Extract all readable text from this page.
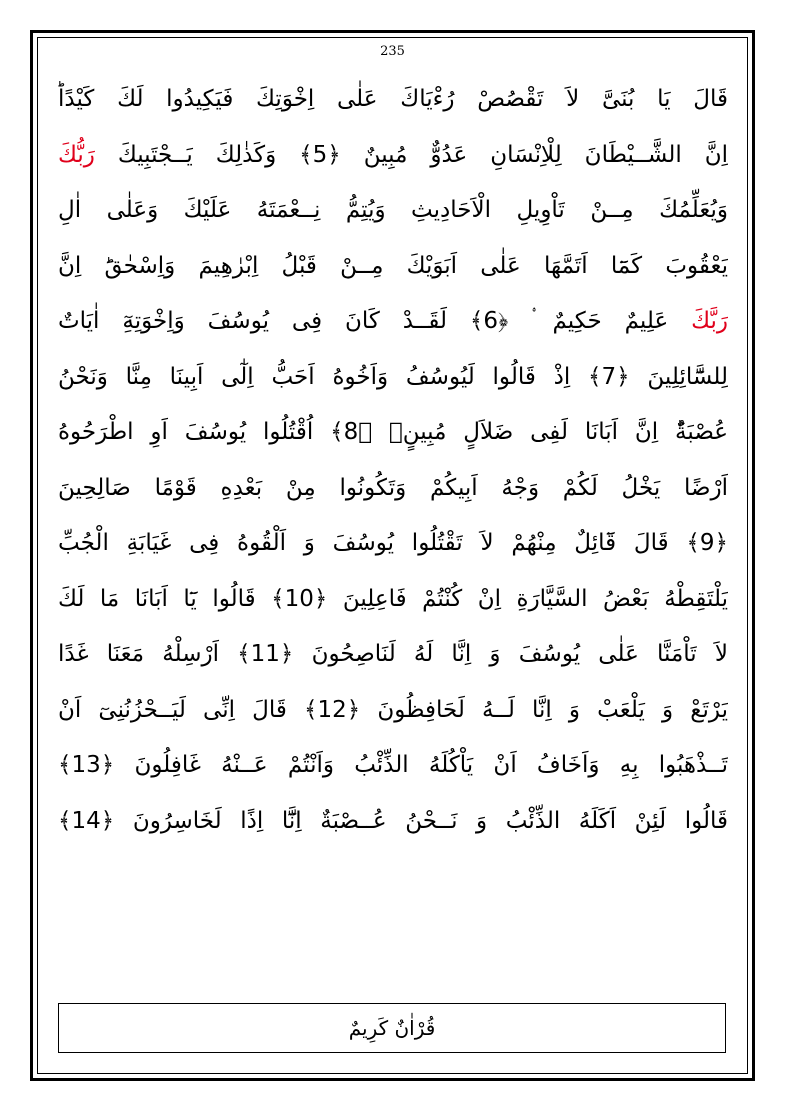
235
قَالَ يَا بُنَىَّ لاَ تَقْصُصْ رُءْيَاكَ عَلٰى اِخْوَتِكَ فَيَكِيدُوا لَكَ كَيْدًاؕ
اِنَّ الشَّــيْطَانَ لِلْاِنْسَانِ عَدُوٌّ مُبِينٌ ﴿5﴾ وَكَذٰلِكَ يَــجْتَبِيكَ رَبُّكَ
وَيُعَلِّمُكَ مِــنْ تَاْوِيلِ الْاَحَادِيثِ وَيُتِمُّ نِــعْمَتَهُ عَلَيْكَ وَعَلٰى اٰلِ
يَعْقُوبَ كَمَٓا اَتَمَّهَا عَلٰى اَبَوَيْكَ مِــنْ قَبْلُ اِبْرٰهِيمَ وَاِسْحٰقَؕ اِنَّ
رَبَّكَ عَلِيمٌ حَكِيمٌ ۟ ﴿6﴾ لَقَــدْ كَانَ فِى يُوسُفَ وَاِخْوَتِهِٓ اٰيَاتٌ
لِلسَّٓائِلِينَ ﴿7﴾ اِذْ قَالُوا لَيُوسُفُ وَاَخُوهُ اَحَبُّ اِلٰٓى اَبِينَا مِنَّا وَنَحْنُ
عُصْبَةٌؕ اِنَّ اَبَانَا لَفِى ضَلاَلٍ مُبِينٍۚ ﴿8﴾ اُقْتُلُوا يُوسُفَ اَوِ اطْرَحُوهُ
اَرْضًا يَخْلُ لَكُمْ وَجْهُ اَبِيكُمْ وَتَكُونُوا مِنْ بَعْدِهِ قَوْمًا صَالِحِينَ
﴿9﴾ قَالَ قَٓائِلٌ مِنْهُمْ لاَ تَقْتُلُوا يُوسُفَ وَ اَلْقُوهُ فِى غَيَابَةِ الْجُبِّ
يَلْتَقِطْهُ بَعْضُ السَّيَّارَةِ اِنْ كُنْتُمْ فَاعِلِينَ ﴿10﴾ قَالُوا يَٓا اَبَانَا مَا لَكَ
لاَ تَاْمَنَّا عَلٰى يُوسُفَ وَ اِنَّا لَهُ لَنَاصِحُونَ ﴿11﴾ اَرْسِلْهُ مَعَنَا غَدًا
يَرْتَعْ وَ يَلْعَبْ وَ اِنَّا لَــهُ لَحَافِظُونَ ﴿12﴾ قَالَ اِنِّى لَيَــحْزُنُنِىٓ اَنْ
تَــذْهَبُوا بِهِ وَاَخَافُ اَنْ يَاْكُلَهُ الذِّئْبُ وَاَنْتُمْ عَــنْهُ غَافِلُونَ ﴿13﴾
قَالُوا لَئِنْ اَكَلَهُ الذِّئْبُ وَ نَــحْنُ عُــصْبَةٌ اِنَّٓا اِذًا لَخَاسِرُونَ ﴿14﴾
قُرْاٰنٌ كَرِيمٌ
